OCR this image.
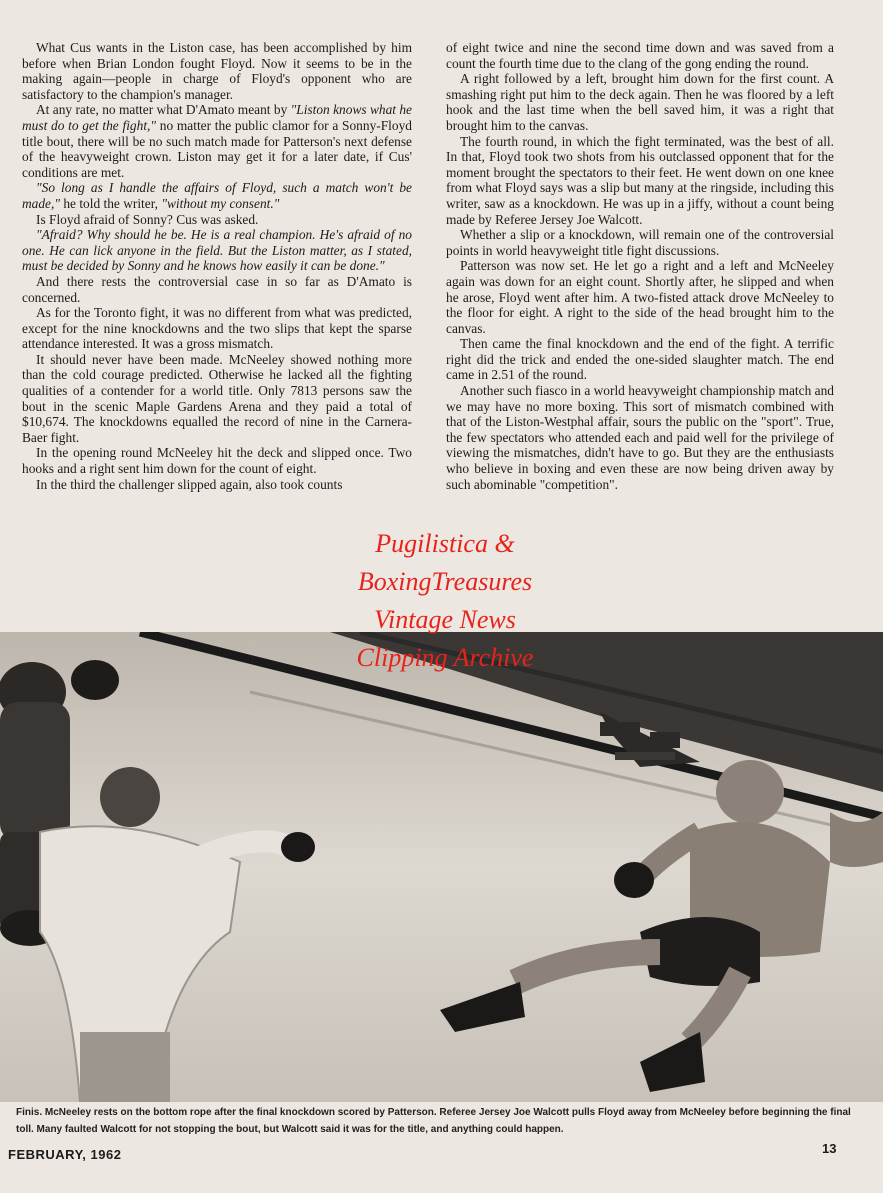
What Cus wants in the Liston case, has been accomplished by him before when Brian London fought Floyd. Now it seems to be in the making again—people in charge of Floyd's opponent who are satisfactory to the champion's manager.

At any rate, no matter what D'Amato meant by "Liston knows what he must do to get the fight," no matter the public clamor for a Sonny-Floyd title bout, there will be no such match made for Patterson's next defense of the heavyweight crown. Liston may get it for a later date, if Cus' conditions are met.

"So long as I handle the affairs of Floyd, such a match won't be made," he told the writer, "without my consent."

Is Floyd afraid of Sonny? Cus was asked.

"Afraid? Why should he be. He is a real champion. He's afraid of no one. He can lick anyone in the field. But the Liston matter, as I stated, must be decided by Sonny and he knows how easily it can be done."

And there rests the controversial case in so far as D'Amato is concerned.

As for the Toronto fight, it was no different from what was predicted, except for the nine knockdowns and the two slips that kept the sparse attendance interested. It was a gross mismatch.

It should never have been made. McNeeley showed nothing more than the cold courage predicted. Otherwise he lacked all the fighting qualities of a contender for a world title. Only 7813 persons saw the bout in the scenic Maple Gardens Arena and they paid a total of $10,674. The knockdowns equalled the record of nine in the Carnera-Baer fight.

In the opening round McNeeley hit the deck and slipped once. Two hooks and a right sent him down for the count of eight.

In the third the challenger slipped again, also took counts

of eight twice and nine the second time down and was saved from a count the fourth time due to the clang of the gong ending the round.

A right followed by a left, brought him down for the first count. A smashing right put him to the deck again. Then he was floored by a left hook and the last time when the bell saved him, it was a right that brought him to the canvas.

The fourth round, in which the fight terminated, was the best of all. In that, Floyd took two shots from his outclassed opponent that for the moment brought the spectators to their feet. He went down on one knee from what Floyd says was a slip but many at the ringside, including this writer, saw as a knockdown. He was up in a jiffy, without a count being made by Referee Jersey Joe Walcott.

Whether a slip or a knockdown, will remain one of the controversial points in world heavyweight title fight discussions.

Patterson was now set. He let go a right and a left and McNeeley again was down for an eight count. Shortly after, he slipped and when he arose, Floyd went after him. A two-fisted attack drove McNeeley to the floor for eight. A right to the side of the head brought him to the canvas.

Then came the final knockdown and the end of the fight. A terrific right did the trick and ended the one-sided slaughter match. The end came in 2.51 of the round.

Another such fiasco in a world heavyweight championship match and we may have no more boxing. This sort of mismatch combined with that of the Liston-Westphal affair, sours the public on the "sport". True, the few spectators who attended each and paid well for the privilege of viewing the mismatches, didn't have to go. But they are the enthusiasts who believe in boxing and even these are now being driven away by such abominable "competition".

Pugilistica &
BoxingTreasures
Vintage News
Clipping Archive
Finis. McNeeley rests on the bottom rope after the final knockdown scored by Patterson. Referee Jersey Joe Walcott pulls Floyd away from McNeeley before beginning the final toll. Many faulted Walcott for not stopping the bout, but Walcott said it was for the title, and anything could happen.
FEBRUARY, 1962	13
